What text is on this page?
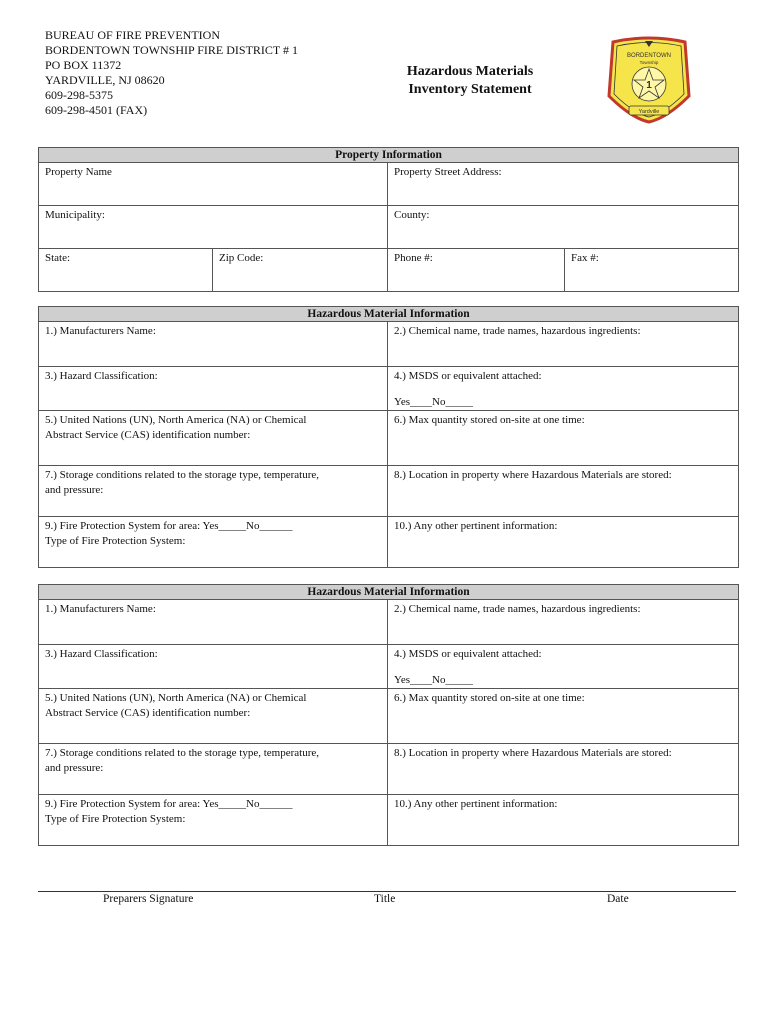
BUREAU OF FIRE PREVENTION
BORDENTOWN TOWNSHIP FIRE DISTRICT # 1
PO BOX 11372
YARDVILLE, NJ 08620
609-298-5375
609-298-4501 (FAX)
Hazardous Materials
Inventory Statement
BORDENTOWN
Township
1
Yardville
Property Information			
Property Name		Property Street Address:	
Municipality:		County:	
State:	Zip Code:	Phone #:	Fax #:
Hazardous Material Information	
1.) Manufacturers Name:	2.) Chemical name, trade names, hazardous ingredients:
3.) Hazard Classification:	4.) MSDS or equivalent attached:
Yes____No_____

5.) United Nations (UN), North America (NA) or Chemical
Abstract Service (CAS) identification number:	6.) Max quantity stored on-site at one time:

7.) Storage conditions related to the storage type, temperature,
and pressure:	8.) Location in property where Hazardous Materials are stored:

9.) Fire Protection System for area: Yes_____No______
Type of Fire Protection System:	10.) Any other pertinent information:
Hazardous Material Information	
1.) Manufacturers Name:	2.) Chemical name, trade names, hazardous ingredients:
3.) Hazard Classification:	4.) MSDS or equivalent attached:
Yes____No_____

5.) United Nations (UN), North America (NA) or Chemical
Abstract Service (CAS) identification number:	6.) Max quantity stored on-site at one time:

7.) Storage conditions related to the storage type, temperature,
and pressure:	8.) Location in property where Hazardous Materials are stored:

9.) Fire Protection System for area: Yes_____No______
Type of Fire Protection System:	10.) Any other pertinent information:
Preparers Signature	Title	Date
